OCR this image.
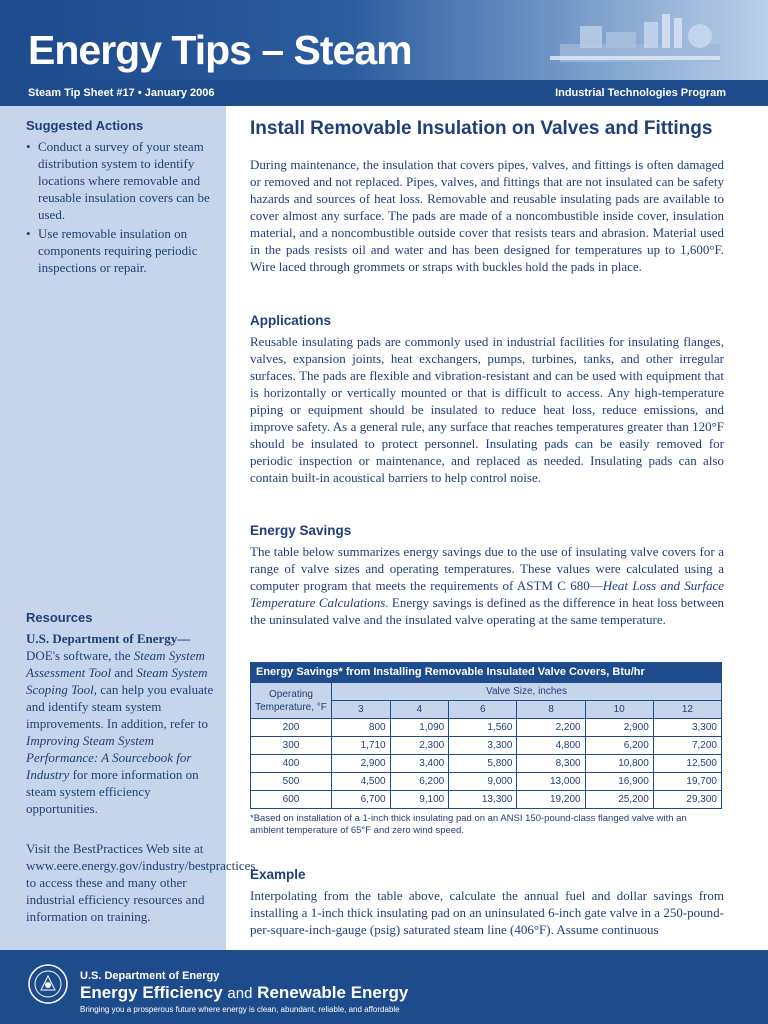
Energy Tips – Steam
Steam Tip Sheet #17 • January 2006	Industrial Technologies Program
Suggested Actions
• Conduct a survey of your steam distribution system to identify locations where removable and reusable insulation covers can be used.
• Use removable insulation on components requiring periodic inspections or repair.
Resources
U.S. Department of Energy— DOE's software, the Steam System Assessment Tool and Steam System Scoping Tool, can help you evaluate and identify steam system improvements. In addition, refer to Improving Steam System Performance: A Sourcebook for Industry for more information on steam system efficiency opportunities.
Visit the BestPractices Web site at www.eere.energy.gov/industry/bestpractices to access these and many other industrial efficiency resources and information on training.
Install Removable Insulation on Valves and Fittings
During maintenance, the insulation that covers pipes, valves, and fittings is often damaged or removed and not replaced. Pipes, valves, and fittings that are not insulated can be safety hazards and sources of heat loss. Removable and reusable insulating pads are available to cover almost any surface. The pads are made of a noncombustible inside cover, insulation material, and a noncombustible outside cover that resists tears and abrasion. Material used in the pads resists oil and water and has been designed for temperatures up to 1,600°F. Wire laced through grommets or straps with buckles hold the pads in place.
Applications
Reusable insulating pads are commonly used in industrial facilities for insulating flanges, valves, expansion joints, heat exchangers, pumps, turbines, tanks, and other irregular surfaces. The pads are flexible and vibration-resistant and can be used with equipment that is horizontally or vertically mounted or that is difficult to access. Any high-temperature piping or equipment should be insulated to reduce heat loss, reduce emissions, and improve safety. As a general rule, any surface that reaches temperatures greater than 120°F should be insulated to protect personnel. Insulating pads can be easily removed for periodic inspection or maintenance, and replaced as needed. Insulating pads can also contain built-in acoustical barriers to help control noise.
Energy Savings
The table below summarizes energy savings due to the use of insulating valve covers for a range of valve sizes and operating temperatures. These values were calculated using a computer program that meets the requirements of ASTM C 680—Heat Loss and Surface Temperature Calculations. Energy savings is defined as the difference in heat loss between the uninsulated valve and the insulated valve operating at the same temperature.
Energy Savings* from Installing Removable Insulated Valve Covers, Btu/hr
Operating Temperature, °F	Valve Size, inches					
	3	4	6	8	10	12
200	800	1,090	1,560	2,200	2,900	3,300
300	1,710	2,300	3,300	4,800	6,200	7,200
400	2,900	3,400	5,800	8,300	10,800	12,500
500	4,500	6,200	9,000	13,000	16,900	19,700
600	6,700	9,100	13,300	19,200	25,200	29,300
*Based on installation of a 1-inch thick insulating pad on an ANSI 150-pound-class flanged valve with an ambient temperature of 65°F and zero wind speed.
Example
Interpolating from the table above, calculate the annual fuel and dollar savings from installing a 1-inch thick insulating pad on an uninsulated 6-inch gate valve in a 250-pound-per-square-inch-gauge (psig) saturated steam line (406°F). Assume continuous
U.S. Department of Energy
Energy Efficiency and Renewable Energy
Bringing you a prosperous future where energy is clean, abundant, reliable, and affordable
